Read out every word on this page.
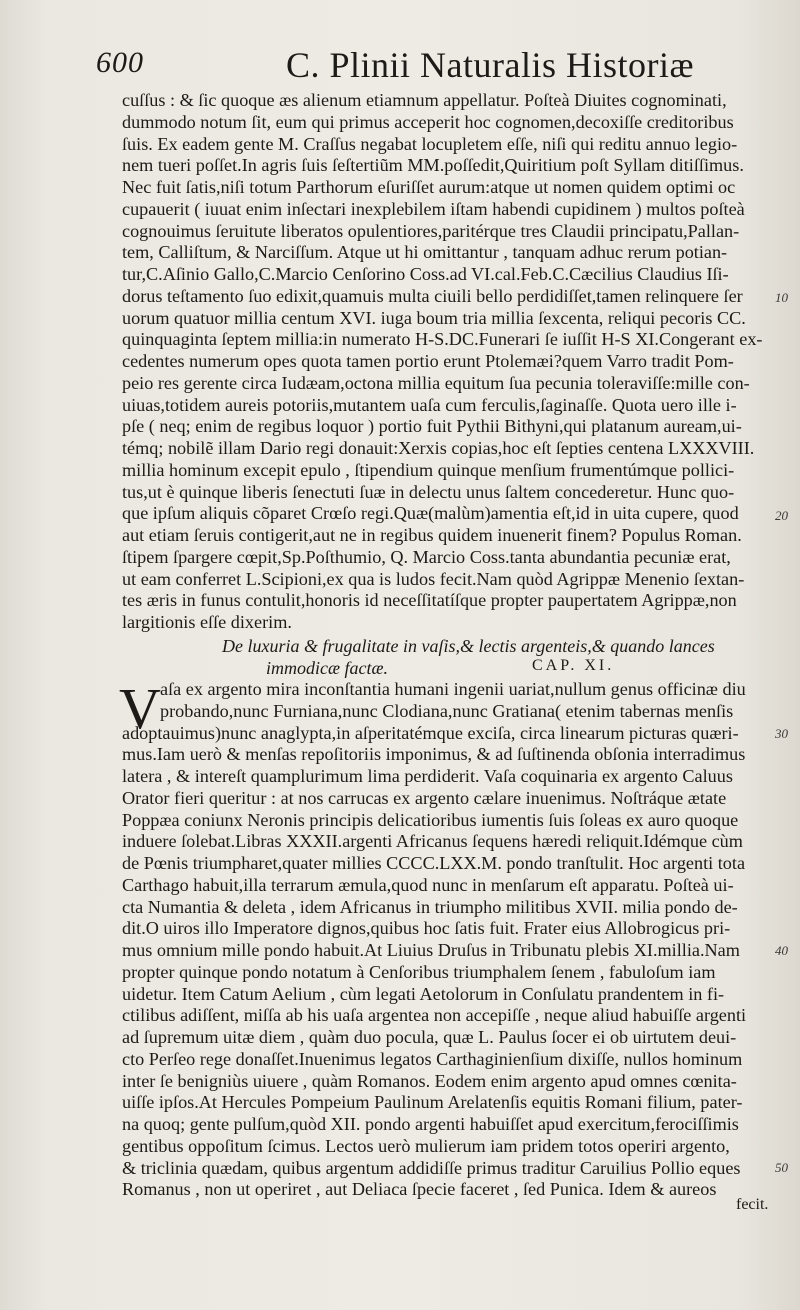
600	C. Plinii Naturalis Historiæ
cuſſus : & ſic quoque æs alienum etiamnum appellatur. Poſteà Diuites cognominati,
dummodo notum ſit, eum qui primus acceperit hoc cognomen,decoxiſſe creditoribus
ſuis. Ex eadem gente M. Craſſus negabat locupletem eſſe, niſi qui reditu annuo legio-
nem tueri poſſet.In agris ſuis ſeſtertiũm MM.poſſedit,Quiritium poſt Syllam ditiſſimus.
Nec fuit ſatis,niſi totum Parthorum eſuriſſet aurum:atque ut nomen quidem optimi oc
cupauerit ( iuuat enim inſectari inexplebilem iſtam habendi cupidinem ) multos poſteà
cognouimus ſeruitute liberatos opulentiores,paritérque tres Claudii principatu,Pallan-
tem, Calliſtum, & Narciſſum. Atque ut hi omittantur , tanquam adhuc rerum potian-
tur,C.Aſinio Gallo,C.Marcio Cenſorino Coss.ad VI.cal.Feb.C.Cæcilius Claudius Iſi-
dorus teſtamento ſuo edixit,quamuis multa ciuili bello perdidiſſet,tamen relinquere ſer
uorum quatuor millia centum XVI. iuga boum tria millia ſexcenta, reliqui pecoris CC.
quinquaginta ſeptem millia:in numerato H-S.DC.Funerari ſe iuſſit H-S XI.Congerant ex-
cedentes numerum opes quota tamen portio erunt Ptolemæi?quem Varro tradit Pom-
peio res gerente circa Iudæam,octona millia equitum ſua pecunia toleraviſſe:mille con-
uiuas,totidem aureis potoriis,mutantem uaſa cum ferculis,ſaginaſſe. Quota uero ille i-
pſe ( neq; enim de regibus loquor ) portio fuit Pythii Bithyni,qui platanum auream,ui-
témq; nobilẽ illam Dario regi donauit:Xerxis copias,hoc eſt ſepties centena LXXXVIII.
millia hominum excepit epulo , ſtipendium quinque menſium frumentúmque pollici-
tus,ut è quinque liberis ſenectuti ſuæ in delectu unus ſaltem concederetur. Hunc quo-
que ipſum aliquis cõparet Crœſo regi.Quæ(malùm)amentia eſt,id in uita cupere, quod
aut etiam ſeruis contigerit,aut ne in regibus quidem inuenerit finem? Populus Roman.
ſtipem ſpargere cœpit,Sp.Poſthumio, Q. Marcio Coss.tanta abundantia pecuniæ erat,
ut eam conferret L.Scipioni,ex qua is ludos fecit.Nam quòd Agrippæ Menenio ſextan-
tes æris in funus contulit,honoris id neceſſitatíſque propter paupertatem Agrippæ,non
largitionis eſſe dixerim.
De luxuria & frugalitate in vaſis,& lectis argenteis,& quando lances
immodicæ factæ.	CAP. XI.
V aſa ex argento mira inconſtantia humani ingenii uariat,nullum genus officinæ diu
probando,nunc Furniana,nunc Clodiana,nunc Gratiana( etenim tabernas menſis
adoptauimus)nunc anaglypta,in aſperitatémque exciſa, circa linearum picturas quæri-
mus.Iam uerò & menſas repoſitoriis imponimus, & ad ſuſtinenda obſonia interradimus
latera , & intereſt quamplurimum lima perdiderit. Vaſa coquinaria ex argento Caluus
Orator fieri queritur : at nos carrucas ex argento cælare inuenimus. Noſtráque ætate
Poppæa coniunx Neronis principis delicatioribus iumentis ſuis ſoleas ex auro quoque
induere ſolebat.Libras XXXII.argenti Africanus ſequens hæredi reliquit.Idémque cùm
de Pœnis triumpharet,quater millies CCCC.LXX.M. pondo tranſtulit. Hoc argenti tota
Carthago habuit,illa terrarum æmula,quod nunc in menſarum eſt apparatu. Poſteà ui-
cta Numantia & deleta , idem Africanus in triumpho militibus XVII. milia pondo de-
dit.O uiros illo Imperatore dignos,quibus hoc ſatis fuit. Frater eius Allobrogicus pri-
mus omnium mille pondo habuit.At Liuius Druſus in Tribunatu plebis XI.millia.Nam
propter quinque pondo notatum à Cenſoribus triumphalem ſenem , fabuloſum iam
uidetur. Item Catum Aelium , cùm legati Aetolorum in Conſulatu prandentem in fi-
ctilibus adiſſent, miſſa ab his uaſa argentea non accepiſſe , neque aliud habuiſſe argenti
ad ſupremum uitæ diem , quàm duo pocula, quæ L. Paulus ſocer ei ob uirtutem deui-
cto Perſeo rege donaſſet.Inuenimus legatos Carthaginienſium dixiſſe, nullos hominum
inter ſe benigniùs uiuere , quàm Romanos. Eodem enim argento apud omnes cœnita-
uiſſe ipſos.At Hercules Pompeium Paulinum Arelatenſis equitis Romani filium, pater-
na quoq; gente pulſum,quòd XII. pondo argenti habuiſſet apud exercitum,ferociſſimis
gentibus oppoſitum ſcimus. Lectos uerò mulierum iam pridem totos operiri argento,
& triclinia quædam, quibus argentum addidiſſe primus traditur Caruilius Pollio eques
Romanus , non ut operiret , aut Deliaca ſpecie faceret , ſed Punica. Idem & aureos
10
20
30
40
50
fecit.
